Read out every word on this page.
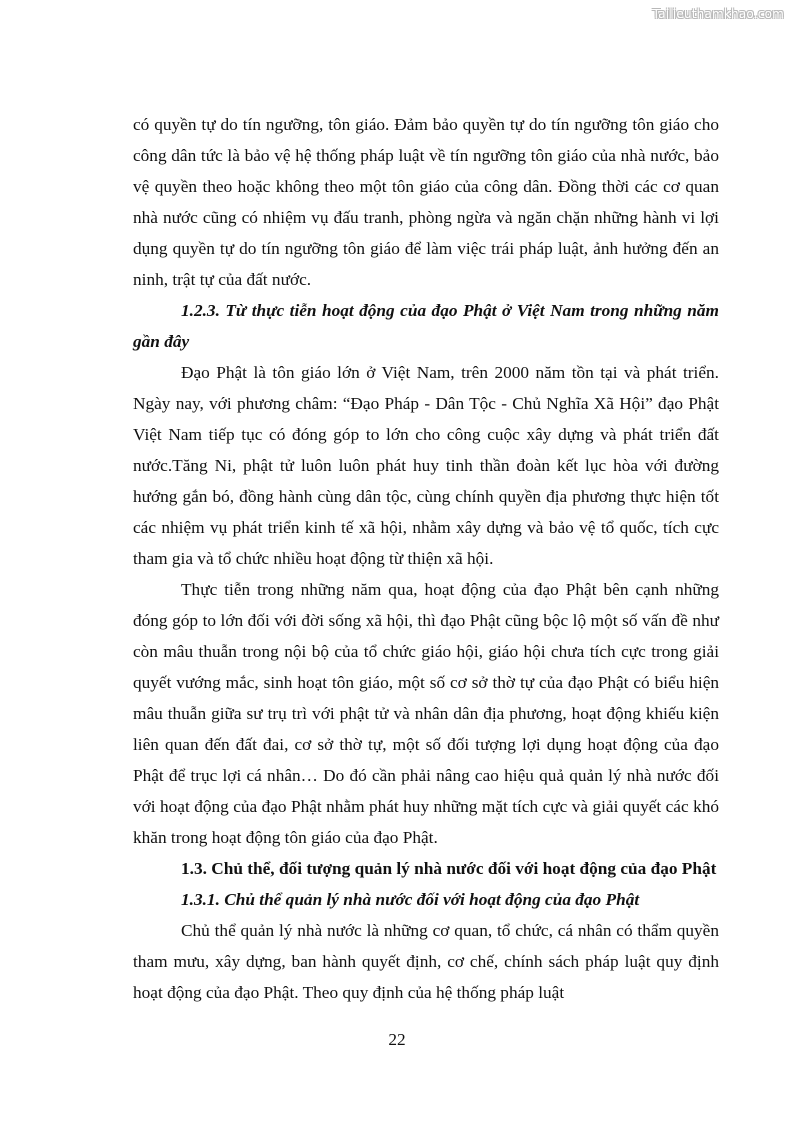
Tailieuthamkhao.com

có quyền tự do tín ngưỡng, tôn giáo. Đảm bảo quyền tự do tín ngưỡng tôn giáo cho công dân tức là bảo vệ hệ thống pháp luật về tín ngưỡng tôn giáo của nhà nước, bảo vệ quyền theo hoặc không theo một tôn giáo của công dân. Đồng thời các cơ quan nhà nước cũng có nhiệm vụ đấu tranh, phòng ngừa và ngăn chặn những hành vi lợi dụng quyền tự do tín ngưỡng tôn giáo để làm việc trái pháp luật, ảnh hưởng đến an ninh, trật tự của đất nước.

1.2.3. Từ thực tiễn hoạt động của đạo Phật ở Việt Nam trong những năm gần đây

Đạo Phật là tôn giáo lớn ở Việt Nam, trên 2000 năm tồn tại và phát triển. Ngày nay, với phương châm: “Đạo Pháp - Dân Tộc - Chủ Nghĩa Xã Hội” đạo Phật Việt Nam tiếp tục có đóng góp to lớn cho công cuộc xây dựng và phát triển đất nước.Tăng Ni, phật tử luôn luôn phát huy tinh thần đoàn kết lục hòa với đường hướng gắn bó, đồng hành cùng dân tộc, cùng chính quyền địa phương thực hiện tốt các nhiệm vụ phát triển kinh tế xã hội, nhằm xây dựng và bảo vệ tổ quốc, tích cực tham gia và tổ chức nhiều hoạt động từ thiện xã hội.

Thực tiễn trong những năm qua, hoạt động của đạo Phật bên cạnh những đóng góp to lớn đối với đời sống xã hội, thì đạo Phật cũng bộc lộ một số vấn đề như còn mâu thuẫn trong nội bộ của tổ chức giáo hội, giáo hội chưa tích cực trong giải quyết vướng mắc, sinh hoạt tôn giáo, một số cơ sở thờ tự của đạo Phật có biểu hiện mâu thuẫn giữa sư trụ trì với phật tử và nhân dân địa phương, hoạt động khiếu kiện liên quan đến đất đai, cơ sở thờ tự, một số đối tượng lợi dụng hoạt động của đạo Phật để trục lợi cá nhân… Do đó cần phải nâng cao hiệu quả quản lý nhà nước đối với hoạt động của đạo Phật nhằm phát huy những mặt tích cực và giải quyết các khó khăn trong hoạt động tôn giáo của đạo Phật.

1.3. Chủ thể, đối tượng quản lý nhà nước đối với hoạt động của đạo Phật

1.3.1. Chủ thể quản lý nhà nước đối với hoạt động của đạo Phật

Chủ thể quản lý nhà nước là những cơ quan, tổ chức, cá nhân có thẩm quyền tham mưu, xây dựng, ban hành quyết định, cơ chế, chính sách pháp luật quy định hoạt động của đạo Phật. Theo quy định của hệ thống pháp luật

22
